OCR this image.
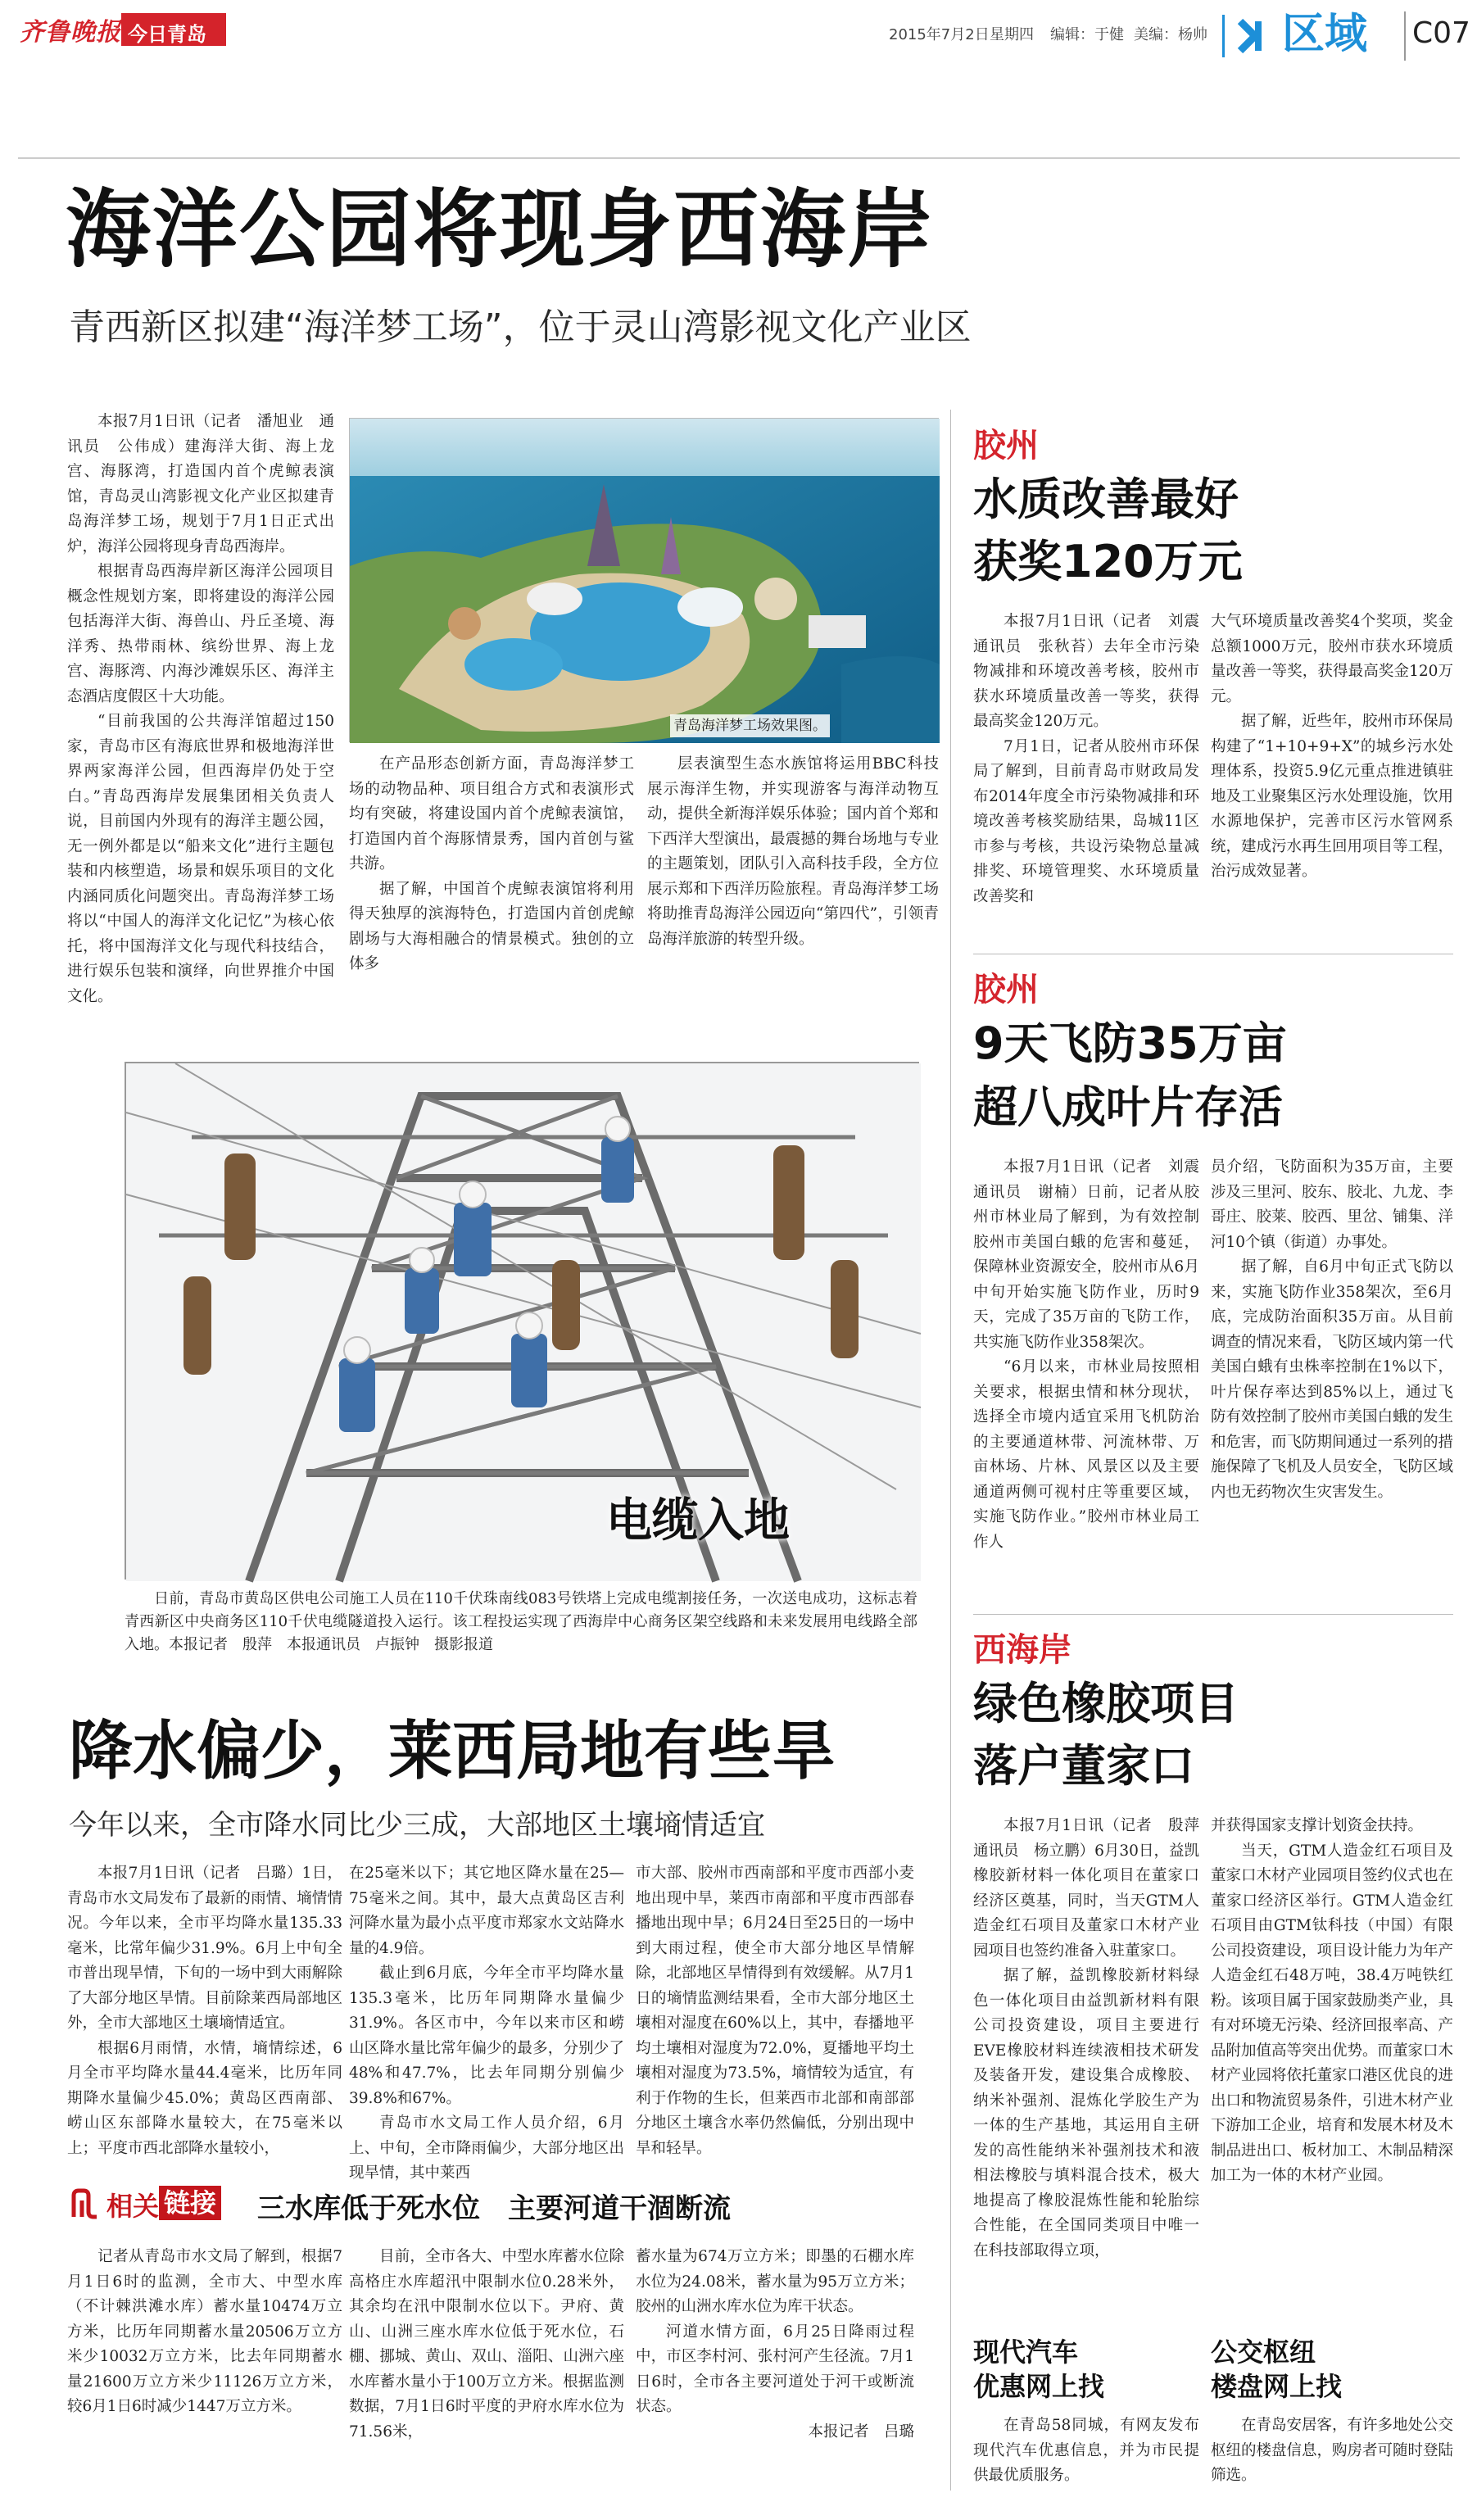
齐鲁晚报 今日青岛	2015年7月2日 星期四 编辑：于健 美编：杨帅 区域 C07
海洋公园将现身西海岸
青西新区拟建“海洋梦工场”，位于灵山湾影视文化产业区

本报7月1日讯（记者　潘旭业　通讯员　公伟成）建海洋大街、海上龙宫、海豚湾，打造国内首个虎鲸表演馆，青岛灵山湾影视文化产业区拟建青岛海洋梦工场，规划于7月1日正式出炉，海洋公园将现身青岛西海岸。

根据青岛西海岸新区海洋公园项目概念性规划方案，即将建设的海洋公园包括海洋大街、海兽山、丹丘圣境、海洋秀、热带雨林、缤纷世界、海上龙宫、海豚湾、内海沙滩娱乐区、海洋主态酒店度假区十大功能。

“目前我国的公共海洋馆超过150家，青岛市区有海底世界和极地海洋世界两家海洋公园，但西海岸仍处于空白。”青岛西海岸发展集团相关负责人说，目前国内外现有的海洋主题公园，无一例外都是以“船来文化”进行主题包装和内核塑造，场景和娱乐项目的文化内涵同质化问题突出。青岛海洋梦工场将以“中国人的海洋文化记忆”为核心依托，将中国海洋文化与现代科技结合，进行娱乐包装和演绎，向世界推介中国文化。

青岛海洋梦工场效果图。

在产品形态创新方面，青岛海洋梦工场的动物品种、项目组合方式和表演形式均有突破，将建设国内首个虎鲸表演馆，打造国内首个海豚情景秀，国内首创与鲨共游。

据了解，中国首个虎鲸表演馆将利用得天独厚的滨海特色，打造国内首创虎鲸剧场与大海相融合的情景模式。独创的立体多

层表演型生态水族馆将运用BBC科技展示海洋生物，并实现游客与海洋动物互动，提供全新海洋娱乐体验；国内首个郑和下西洋大型演出，最震撼的舞台场地与专业的主题策划，团队引入高科技手段，全方位展示郑和下西洋历险旅程。青岛海洋梦工场将助推青岛海洋公园迈向“第四代”，引领青岛海洋旅游的转型升级。

电缆入地
日前，青岛市黄岛区供电公司施工人员在110千伏珠南线083号铁塔上完成电缆割接任务，一次送电成功，这标志着青西新区中央商务区110千伏电缆隧道投入运行。该工程投运实现了西海岸中心商务区架空线路和未来发展用电线路全部入地。本报记者　殷萍　本报通讯员　卢振钟　摄影报道
降水偏少，莱西局地有些旱
今年以来，全市降水同比少三成，大部地区土壤墒情适宜

本报7月1日讯（记者　吕璐）1日，青岛市水文局发布了最新的雨情、墒情情况。今年以来，全市平均降水量135.33毫米，比常年偏少31.9%。6月上中旬全市普出现旱情，下旬的一场中到大雨解除了大部分地区旱情。目前除莱西局部地区外，全市大部地区土壤墒情适宜。

根据6月雨情，水情，墒情综述，6月全市平均降水量44.4毫米，比历年同期降水量偏少45.0%；黄岛区西南部、崂山区东部降水量较大，在75毫米以上；平度市西北部降水量较小，

在25毫米以下；其它地区降水量在25—75毫米之间。其中，最大点黄岛区吉利河降水量为最小点平度市郑家水文站降水量的4.9倍。

截止到6月底，今年全市平均降水量135.3毫米，比历年同期降水量偏少31.9%。各区市中，今年以来市区和崂山区降水量比常年偏少的最多，分别少了48%和47.7%，比去年同期分别偏少39.8%和67%。

青岛市水文局工作人员介绍，6月上、中旬，全市降雨偏少，大部分地区出现旱情，其中莱西

市大部、胶州市西南部和平度市西部小麦地出现中旱，莱西市南部和平度市西部春播地出现中旱；6月24日至25日的一场中到大雨过程，使全市大部分地区旱情解除，北部地区旱情得到有效缓解。从7月1日的墒情监测结果看，全市大部分地区土壤相对湿度在60%以上，其中，春播地平均土壤相对湿度为72.0%，夏播地平均土壤相对湿度为73.5%，墒情较为适宜，有利于作物的生长，但莱西市北部和南部部分地区土壤含水率仍然偏低，分别出现中旱和轻旱。

相关 链接 三水库低于死水位　主要河道干涸断流

记者从青岛市水文局了解到，根据7月1日6时的监测，全市大、中型水库（不计棘洪滩水库）蓄水量10474万立方米，比历年同期蓄水量20506万立方米少10032万立方米，比去年同期蓄水量21600万立方米少11126万立方米，较6月1日6时减少1447万立方米。

目前，全市各大、中型水库蓄水位除高格庄水库超汛中限制水位0.28米外，其余均在汛中限制水位以下。尹府、黄山、山洲三座水库水位低于死水位，石棚、挪城、黄山、双山、淄阳、山洲六座水库蓄水量小于100万立方米。根据监测数据，7月1日6时平度的尹府水库水位为71.56米，

蓄水量为674万立方米；即墨的石棚水库水位为24.08米，蓄水量为95万立方米；胶州的山洲水库水位为库干状态。

河道水情方面，6月25日降雨过程中，市区李村河、张村河产生径流。7月1日6时，全市各主要河道处于河干或断流状态。

本报记者　吕璐

胶州
水质改善最好
获奖120万元

本报7月1日讯（记者　刘震　通讯员　张秋苔）去年全市污染物减排和环境改善考核，胶州市获水环境质量改善一等奖，获得最高奖金120万元。

7月1日，记者从胶州市环保局了解到，目前青岛市财政局发布2014年度全市污染物减排和环境改善考核奖励结果，岛城11区市参与考核，共设污染物总量减排奖、环境管理奖、水环境质量改善奖和

大气环境质量改善奖4个奖项，奖金总额1000万元，胶州市获水环境质量改善一等奖，获得最高奖金120万元。

据了解，近些年，胶州市环保局构建了“1+10+9+X”的城乡污水处理体系，投资5.9亿元重点推进镇驻地及工业聚集区污水处理设施，饮用水源地保护，完善市区污水管网系统，建成污水再生回用项目等工程，治污成效显著。

胶州
9天飞防35万亩
超八成叶片存活

本报7月1日讯（记者　刘震　通讯员　谢楠）日前，记者从胶州市林业局了解到，为有效控制胶州市美国白蛾的危害和蔓延，保障林业资源安全，胶州市从6月中旬开始实施飞防作业，历时9天，完成了35万亩的飞防工作，共实施飞防作业358架次。

“6月以来，市林业局按照相关要求，根据虫情和林分现状，选择全市境内适宜采用飞机防治的主要通道林带、河流林带、万亩林场、片林、风景区以及主要通道两侧可视村庄等重要区域，实施飞防作业。”胶州市林业局工作人

员介绍，飞防面积为35万亩，主要涉及三里河、胶东、胶北、九龙、李哥庄、胶莱、胶西、里岔、铺集、洋河10个镇（街道）办事处。

据了解，自6月中旬正式飞防以来，实施飞防作业358架次，至6月底，完成防治面积35万亩。从目前调查的情况来看，飞防区域内第一代美国白蛾有虫株率控制在1%以下，叶片保存率达到85%以上，通过飞防有效控制了胶州市美国白蛾的发生和危害，而飞防期间通过一系列的措施保障了飞机及人员安全，飞防区域内也无药物次生灾害发生。

西海岸
绿色橡胶项目
落户董家口

本报7月1日讯（记者　殷萍　通讯员　杨立鹏）6月30日，益凯橡胶新材料一体化项目在董家口经济区奠基，同时，当天GTM人造金红石项目及董家口木材产业园项目也签约准备入驻董家口。

据了解，益凯橡胶新材料绿色一体化项目由益凯新材料有限公司投资建设，项目主要进行EVE橡胶材料连续液相技术研发及装备开发，建设集合成橡胶、纳米补强剂、混炼化学胶生产为一体的生产基地，其运用自主研发的高性能纳米补强剂技术和液相法橡胶与填料混合技术，极大地提高了橡胶混炼性能和轮胎综合性能，在全国同类项目中唯一在科技部取得立项，

并获得国家支撑计划资金扶持。

当天，GTM人造金红石项目及董家口木材产业园项目签约仪式也在董家口经济区举行。GTM人造金红石项目由GTM钛科技（中国）有限公司投资建设，项目设计能力为年产人造金红石48万吨，38.4万吨铁红粉。该项目属于国家鼓励类产业，具有对环境无污染、经济回报率高、产品附加值高等突出优势。而董家口木材产业园将依托董家口港区优良的进出口和物流贸易条件，引进木材产业下游加工企业，培育和发展木材及木制品进出口、板材加工、木制品精深加工为一体的木材产业园。

现代汽车
优惠网上找

在青岛58同城，有网友发布现代汽车优惠信息，并为市民提供最优质服务。

公交枢纽
楼盘网上找

在青岛安居客，有许多地处公交枢纽的楼盘信息，购房者可随时登陆筛选。
